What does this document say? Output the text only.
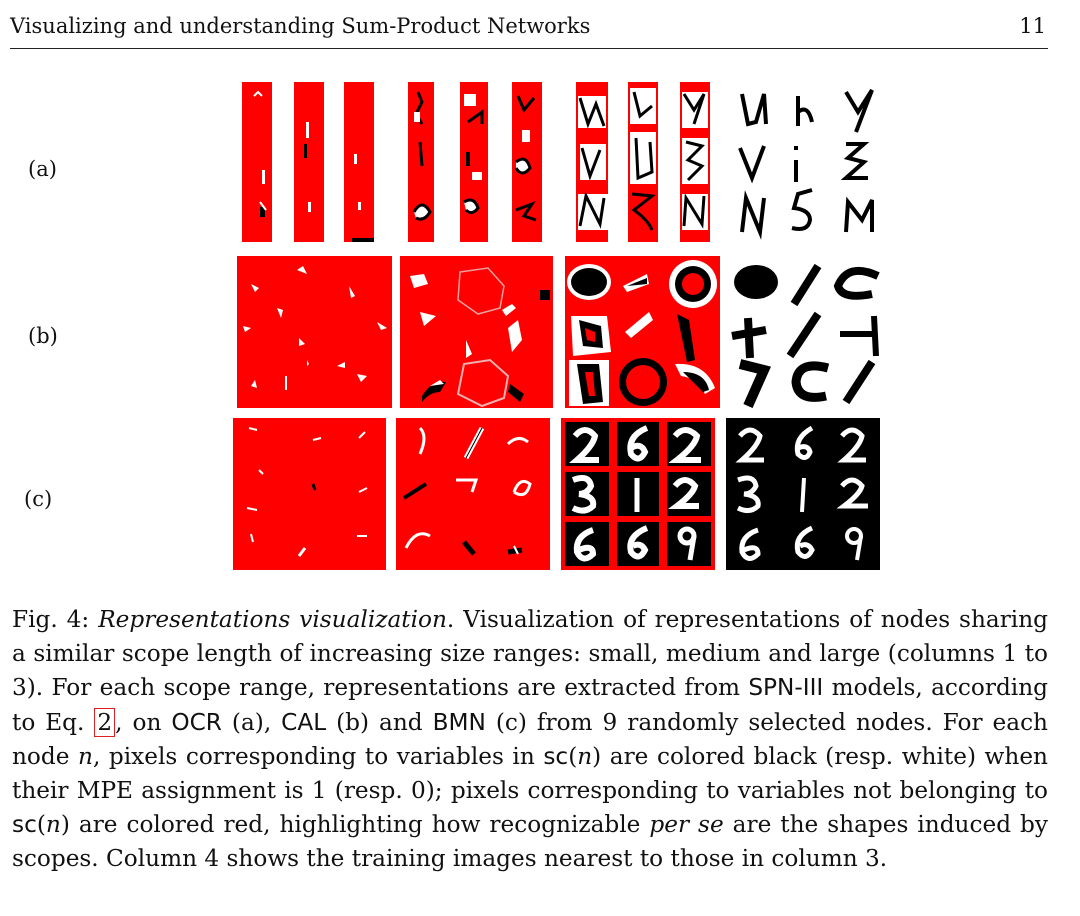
Visualizing and understanding Sum-Product Networks	11
(a)
(b)
(c)
Fig. 4: Representations visualization. Visualization of representations of nodes sharing a similar scope length of increasing size ranges: small, medium and large (columns 1 to 3). For each scope range, representations are extracted from SPN-III models, according to Eq. 2 , on OCR (a), CAL (b) and BMN (c) from 9 randomly selected nodes. For each node n, pixels corresponding to variables in sc(n) are colored black (resp. white) when their MPE assignment is 1 (resp. 0); pixels corresponding to variables not belonging to sc(n) are colored red, highlighting how recognizable per se are the shapes induced by scopes. Column 4 shows the training images nearest to those in column 3.
